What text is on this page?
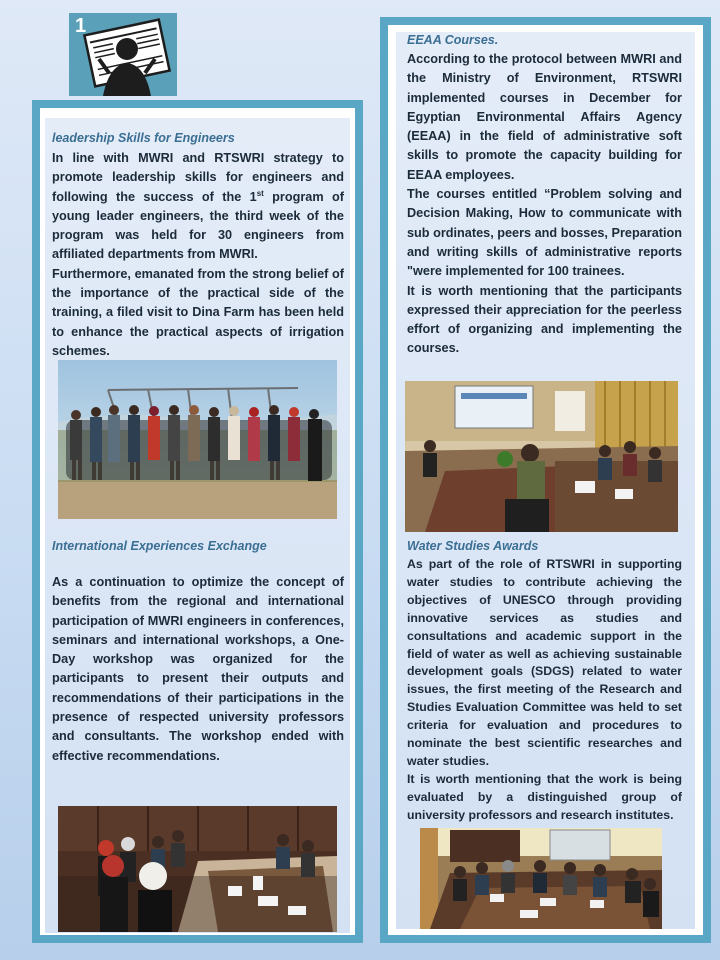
1

leadership Skills for Engineers

In line with MWRI and RTSWRI strategy to promote leadership skills for engineers and following the success of the 1st program of young leader engineers, the third week of the program was held for 30 engineers from affiliated departments from MWRI.

Furthermore, emanated from the strong belief of the importance of the practical side of the training, a filed visit to Dina Farm has been held to enhance the practical aspects of irrigation schemes.

International Experiences Exchange

As a continuation to optimize the concept of benefits from the regional and international participation of MWRI engineers in conferences, seminars and international workshops, a One-Day workshop was organized for the participants to present their outputs and recommendations of their participations in the presence of respected university professors and consultants. The workshop ended with effective recommendations.

EEAA Courses.

According to the protocol between MWRI and the Ministry of Environment, RTSWRI implemented courses in December for Egyptian Environmental Affairs Agency (EEAA) in the field of administrative soft skills to promote the capacity building for EEAA employees.

The courses entitled “Problem solving and Decision Making, How to communicate with sub ordinates, peers and bosses, Preparation and writing skills of administrative reports "were implemented for 100 trainees.

It is worth mentioning that the participants expressed their appreciation for the peerless effort of organizing and implementing the courses.

Water Studies Awards

As part of the role of RTSWRI in supporting water studies to contribute achieving the objectives of UNESCO through providing innovative services as studies and consultations and academic support in the field of water as well as achieving sustainable development goals (SDGS) related to water issues, the first meeting of the Research and Studies Evaluation Committee was held to set criteria for evaluation and procedures to nominate the best scientific researches and water studies.

It is worth mentioning that the work is being evaluated by a distinguished group of university professors and research institutes.
